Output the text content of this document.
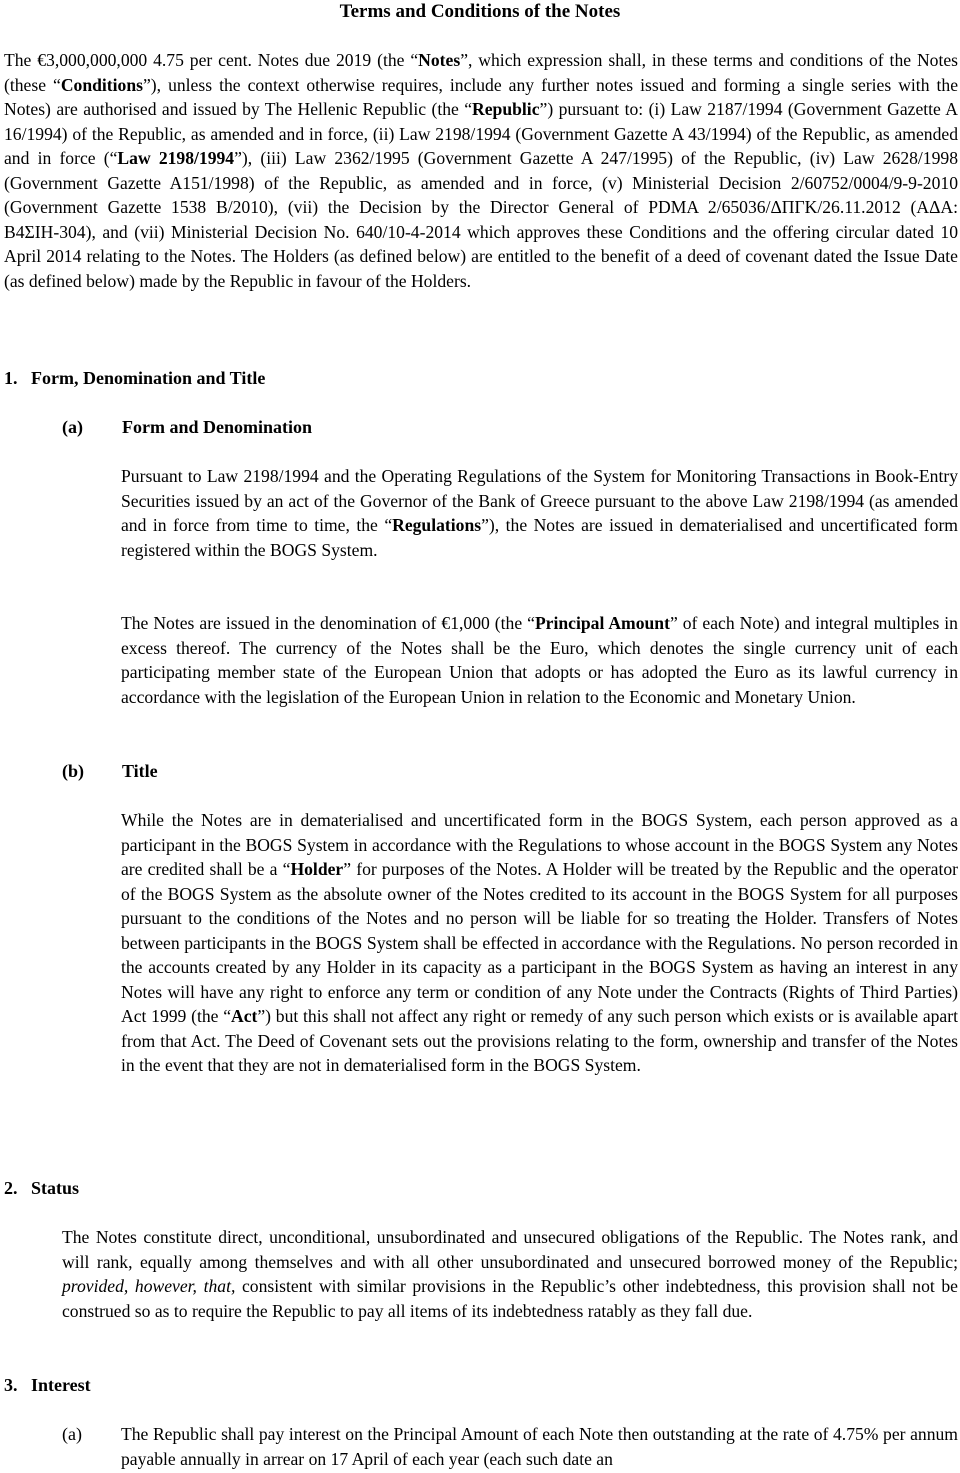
Terms and Conditions of the Notes

The €3,000,000,000 4.75 per cent. Notes due 2019 (the “Notes”, which expression shall, in these terms and conditions of the Notes (these “Conditions”), unless the context otherwise requires, include any further notes issued and forming a single series with the Notes) are authorised and issued by The Hellenic Republic (the “Republic”) pursuant to: (i) Law 2187/1994 (Government Gazette A 16/1994) of the Republic, as amended and in force, (ii) Law 2198/1994 (Government Gazette A 43/1994) of the Republic, as amended and in force (“Law 2198/1994”), (iii) Law 2362/1995 (Government Gazette A 247/1995) of the Republic, (iv) Law 2628/1998 (Government Gazette A151/1998) of the Republic, as amended and in force, (v) Ministerial Decision 2/60752/0004/9-9-2010 (Government Gazette 1538 B/2010), (vii) the Decision by the Director General of PDMA 2/65036/ΔΠΓΚ/26.11.2012 (ΑΔΑ: Β4ΣΙΗ-304), and (vii) Ministerial Decision No. 640/10-4-2014 which approves these Conditions and the offering circular dated 10 April 2014 relating to the Notes. The Holders (as defined below) are entitled to the benefit of a deed of covenant dated the Issue Date (as defined below) made by the Republic in favour of the Holders.

1. Form, Denomination and Title
(a) Form and Denomination

Pursuant to Law 2198/1994 and the Operating Regulations of the System for Monitoring Transactions in Book-Entry Securities issued by an act of the Governor of the Bank of Greece pursuant to the above Law 2198/1994 (as amended and in force from time to time, the “Regulations”), the Notes are issued in dematerialised and uncertificated form registered within the BOGS System.

The Notes are issued in the denomination of €1,000 (the “Principal Amount” of each Note) and integral multiples in excess thereof. The currency of the Notes shall be the Euro, which denotes the single currency unit of each participating member state of the European Union that adopts or has adopted the Euro as its lawful currency in accordance with the legislation of the European Union in relation to the Economic and Monetary Union.

(b) Title

While the Notes are in dematerialised and uncertificated form in the BOGS System, each person approved as a participant in the BOGS System in accordance with the Regulations to whose account in the BOGS System any Notes are credited shall be a “Holder” for purposes of the Notes. A Holder will be treated by the Republic and the operator of the BOGS System as the absolute owner of the Notes credited to its account in the BOGS System for all purposes pursuant to the conditions of the Notes and no person will be liable for so treating the Holder. Transfers of Notes between participants in the BOGS System shall be effected in accordance with the Regulations. No person recorded in the accounts created by any Holder in its capacity as a participant in the BOGS System as having an interest in any Notes will have any right to enforce any term or condition of any Note under the Contracts (Rights of Third Parties) Act 1999 (the “Act”) but this shall not affect any right or remedy of any such person which exists or is available apart from that Act. The Deed of Covenant sets out the provisions relating to the form, ownership and transfer of the Notes in the event that they are not in dematerialised form in the BOGS System.

2. Status

The Notes constitute direct, unconditional, unsubordinated and unsecured obligations of the Republic. The Notes rank, and will rank, equally among themselves and with all other unsubordinated and unsecured borrowed money of the Republic; provided, however, that, consistent with similar provisions in the Republic’s other indebtedness, this provision shall not be construed so as to require the Republic to pay all items of its indebtedness ratably as they fall due.

3. Interest
(a) The Republic shall pay interest on the Principal Amount of each Note then outstanding at the rate of 4.75% per annum payable annually in arrear on 17 April of each year (each such date an
